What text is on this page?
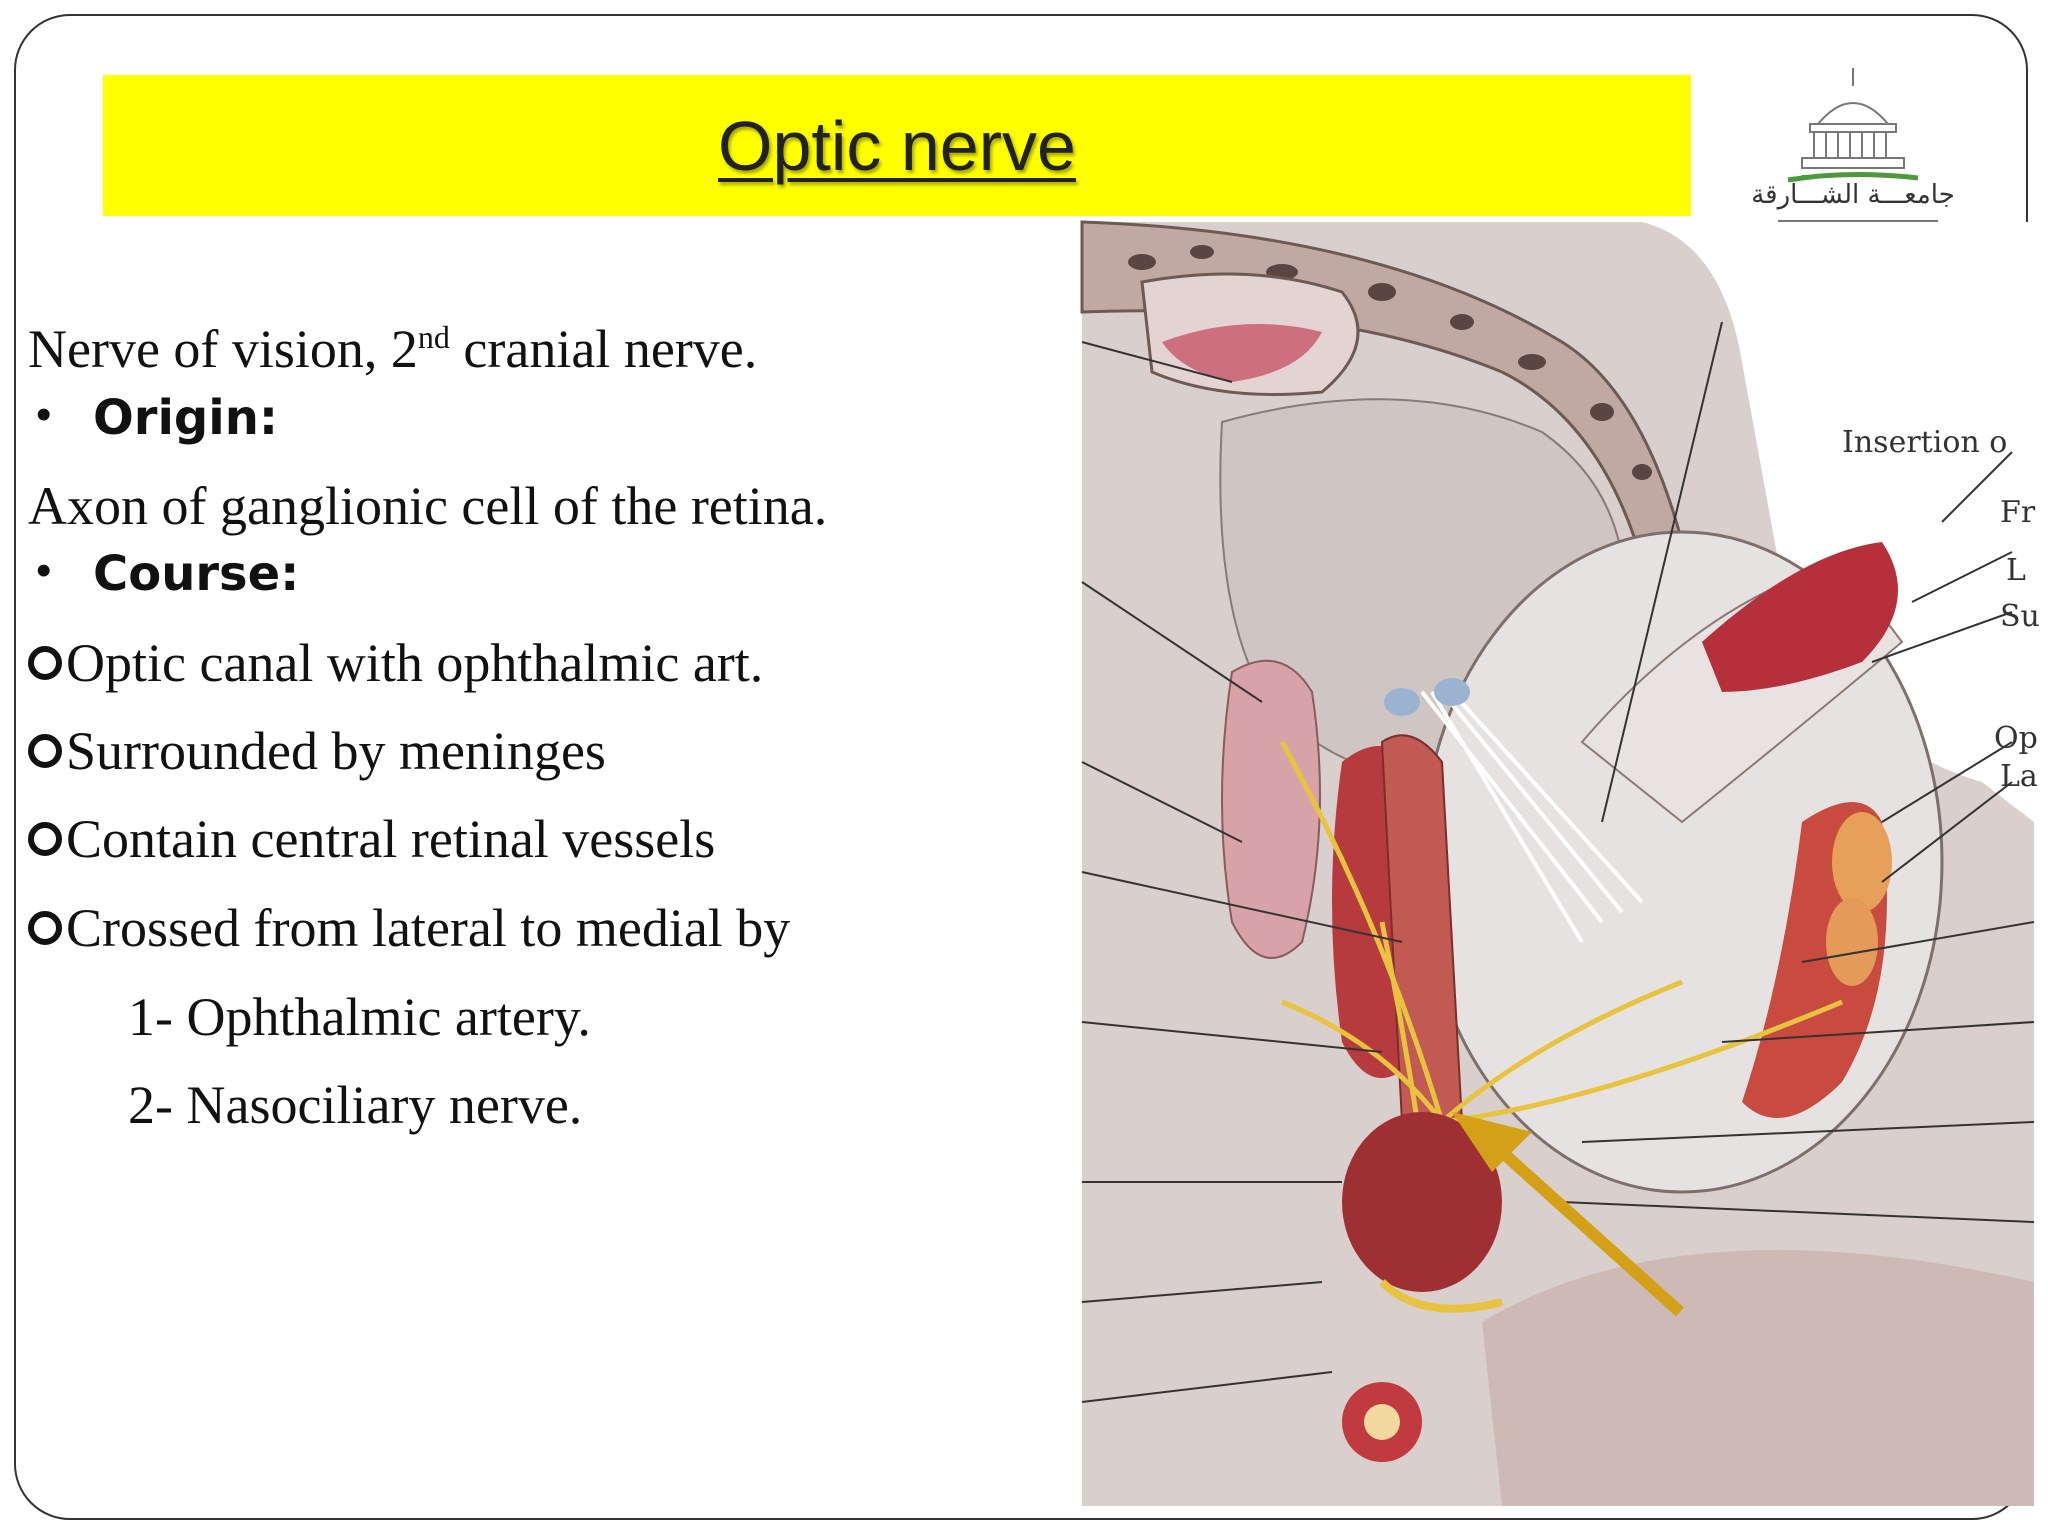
Optic nerve
جامعـــة الشـــارقة
Nerve of vision, 2nd cranial nerve.
• Origin:
Axon of ganglionic cell of the retina.
• Course:
Optic canal with ophthalmic art.
Surrounded by meninges
Contain central retinal vessels
Crossed from lateral to medial by
1- Ophthalmic artery.
2- Nasociliary nerve.
Insertion o
Fr
L
Su
Op
La
